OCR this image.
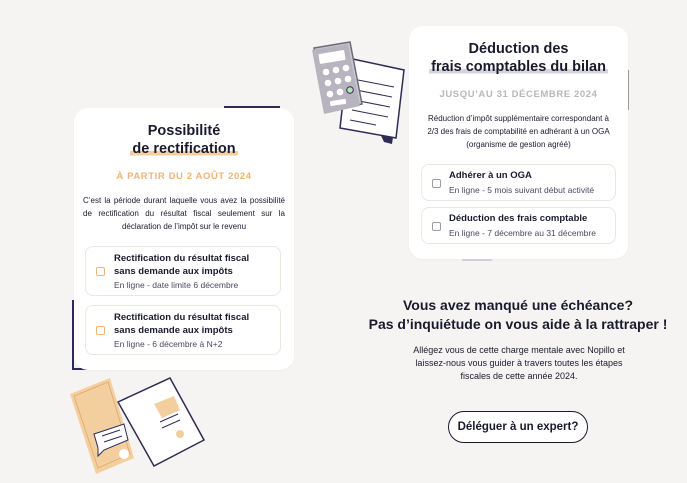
Possibilité
de rectification

À PARTIR DU 2 AOÛT 2024
C’est la période durant laquelle vous avez la possibilité de rectification du résultat fiscal seulement sur la déclaration de l’impôt sur le revenu
Rectification du résultat fiscal
sans demande aux impôts
En ligne - date limite 6 décembre
Rectification du résultat fiscal
sans demande aux impôts
En ligne - 6 décembre à N+2

Déduction des
frais comptables du bilan

JUSQU’AU 31 DÉCEMBRE 2024
Réduction d’impôt supplémentaire correspondant à
2/3 des frais de comptabilité en adhérant à un OGA
(organisme de gestion agréé)
Adhérer à un OGA
En ligne - 5 mois suivant début activité
Déduction des frais comptable
En ligne - 7 décembre au 31 décembre
Vous avez manqué une échéance?
Pas d’inquiétude on vous aide à la rattraper !
Allégez vous de cette charge mentale avec Nopillo et
laissez-nous vous guider à travers toutes les étapes
fiscales de cette année 2024.
Déléguer à un expert?
